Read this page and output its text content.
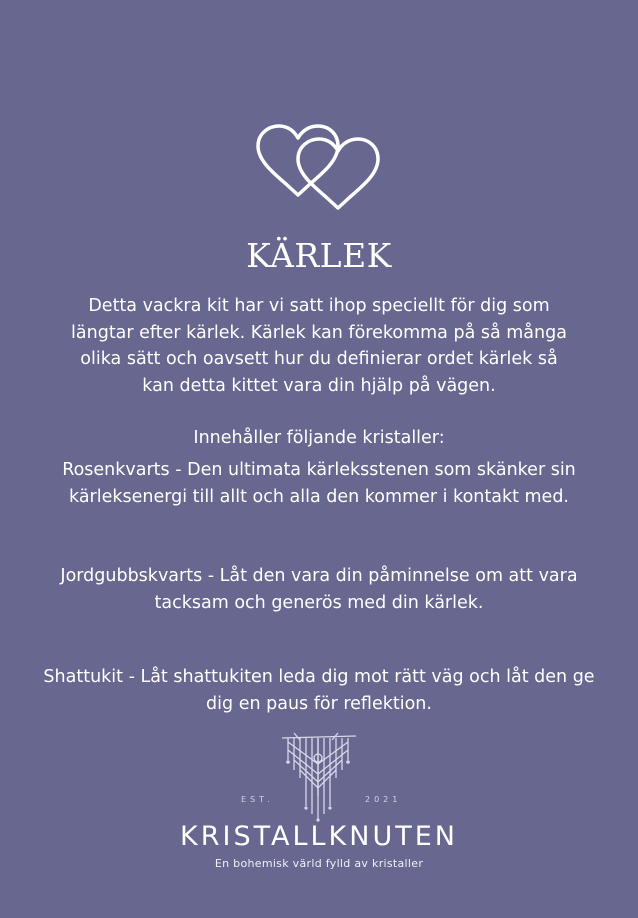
KÄRLEK

Detta vackra kit har vi satt ihop speciellt för dig som
längtar efter kärlek. Kärlek kan förekomma på så många
olika sätt och oavsett hur du definierar ordet kärlek så
kan detta kittet vara din hjälp på vägen.

Innehåller följande kristaller:

Rosenkvarts - Den ultimata kärleksstenen som skänker sin
kärleksenergi till allt och alla den kommer i kontakt med.

Jordgubbskvarts - Låt den vara din påminnelse om att vara
tacksam och generös med din kärlek.

Shattukit - Låt shattukiten leda dig mot rätt väg och låt den ge
dig en paus för reflektion.

EST.	2021
KRISTALLKNUTEN
En bohemisk värld fylld av kristaller
